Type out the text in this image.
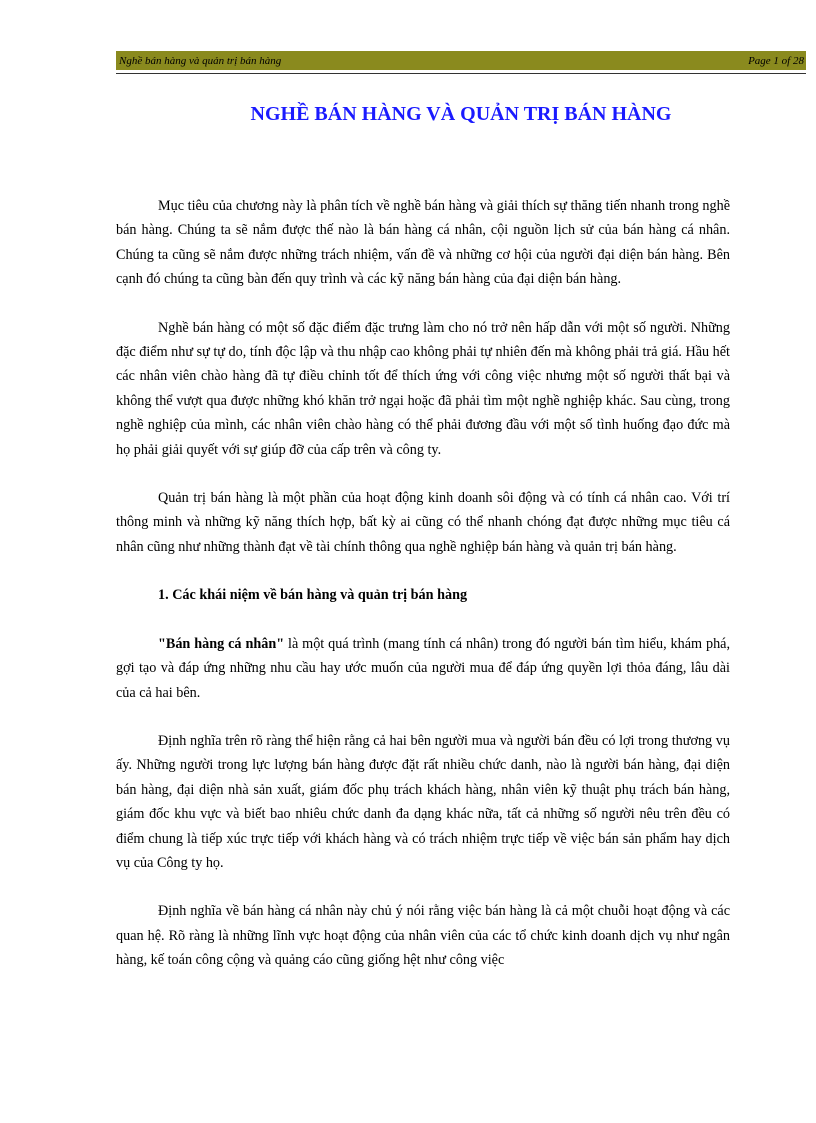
Nghề bán hàng và quản trị bán hàng	Page 1 of 28
NGHỀ BÁN HÀNG VÀ QUẢN TRỊ BÁN HÀNG

Mục tiêu của chương này là phân tích về nghề bán hàng và giải thích sự thăng tiến nhanh trong nghề bán hàng. Chúng ta sẽ nắm được thế nào là bán hàng cá nhân, cội nguồn lịch sử của bán hàng cá nhân. Chúng ta cũng sẽ nắm được những trách nhiệm, vấn đề và những cơ hội của người đại diện bán hàng. Bên cạnh đó chúng ta cũng bàn đến quy trình và các kỹ năng bán hàng của đại diện bán hàng.

Nghề bán hàng có một số đặc điểm đặc trưng làm cho nó trở nên hấp dẫn với một số người. Những đặc điểm như sự tự do, tính độc lập và thu nhập cao không phải tự nhiên đến mà không phải trả giá. Hầu hết các nhân viên chào hàng đã tự điều chỉnh tốt để thích ứng với công việc nhưng một số người thất bại và không thể vượt qua được những khó khăn trở ngại hoặc đã phải tìm một nghề nghiệp khác. Sau cùng, trong nghề nghiệp của mình, các nhân viên chào hàng có thể phải đương đầu với một số tình huống đạo đức mà họ phải giải quyết với sự giúp đỡ của cấp trên và công ty.

Quản trị bán hàng là một phần của hoạt động kinh doanh sôi động và có tính cá nhân cao. Với trí thông minh và những kỹ năng thích hợp, bất kỳ ai cũng có thể nhanh chóng đạt được những mục tiêu cá nhân cũng như những thành đạt về tài chính thông qua nghề nghiệp bán hàng và quản trị bán hàng.

1. Các khái niệm về bán hàng và quản trị bán hàng

"Bán hàng cá nhân" là một quá trình (mang tính cá nhân) trong đó người bán tìm hiểu, khám phá, gợi tạo và đáp ứng những nhu cầu hay ước muốn của người mua để đáp ứng quyền lợi thỏa đáng, lâu dài của cả hai bên.

Định nghĩa trên rõ ràng thể hiện rằng cả hai bên người mua và người bán đều có lợi trong thương vụ ấy. Những người trong lực lượng bán hàng được đặt rất nhiều chức danh, nào là người bán hàng, đại diện bán hàng, đại diện nhà sản xuất, giám đốc phụ trách khách hàng, nhân viên kỹ thuật phụ trách bán hàng, giám đốc khu vực và biết bao nhiêu chức danh đa dạng khác nữa, tất cả những số người nêu trên đều có điểm chung là tiếp xúc trực tiếp với khách hàng và có trách nhiệm trực tiếp về việc bán sản phẩm hay dịch vụ của Công ty họ.

Định nghĩa về bán hàng cá nhân này chủ ý nói rằng việc bán hàng là cả một chuỗi hoạt động và các quan hệ. Rõ ràng là những lĩnh vực hoạt động của nhân viên của các tổ chức kinh doanh dịch vụ như ngân hàng, kế toán công cộng và quảng cáo cũng giống hệt như công việc
